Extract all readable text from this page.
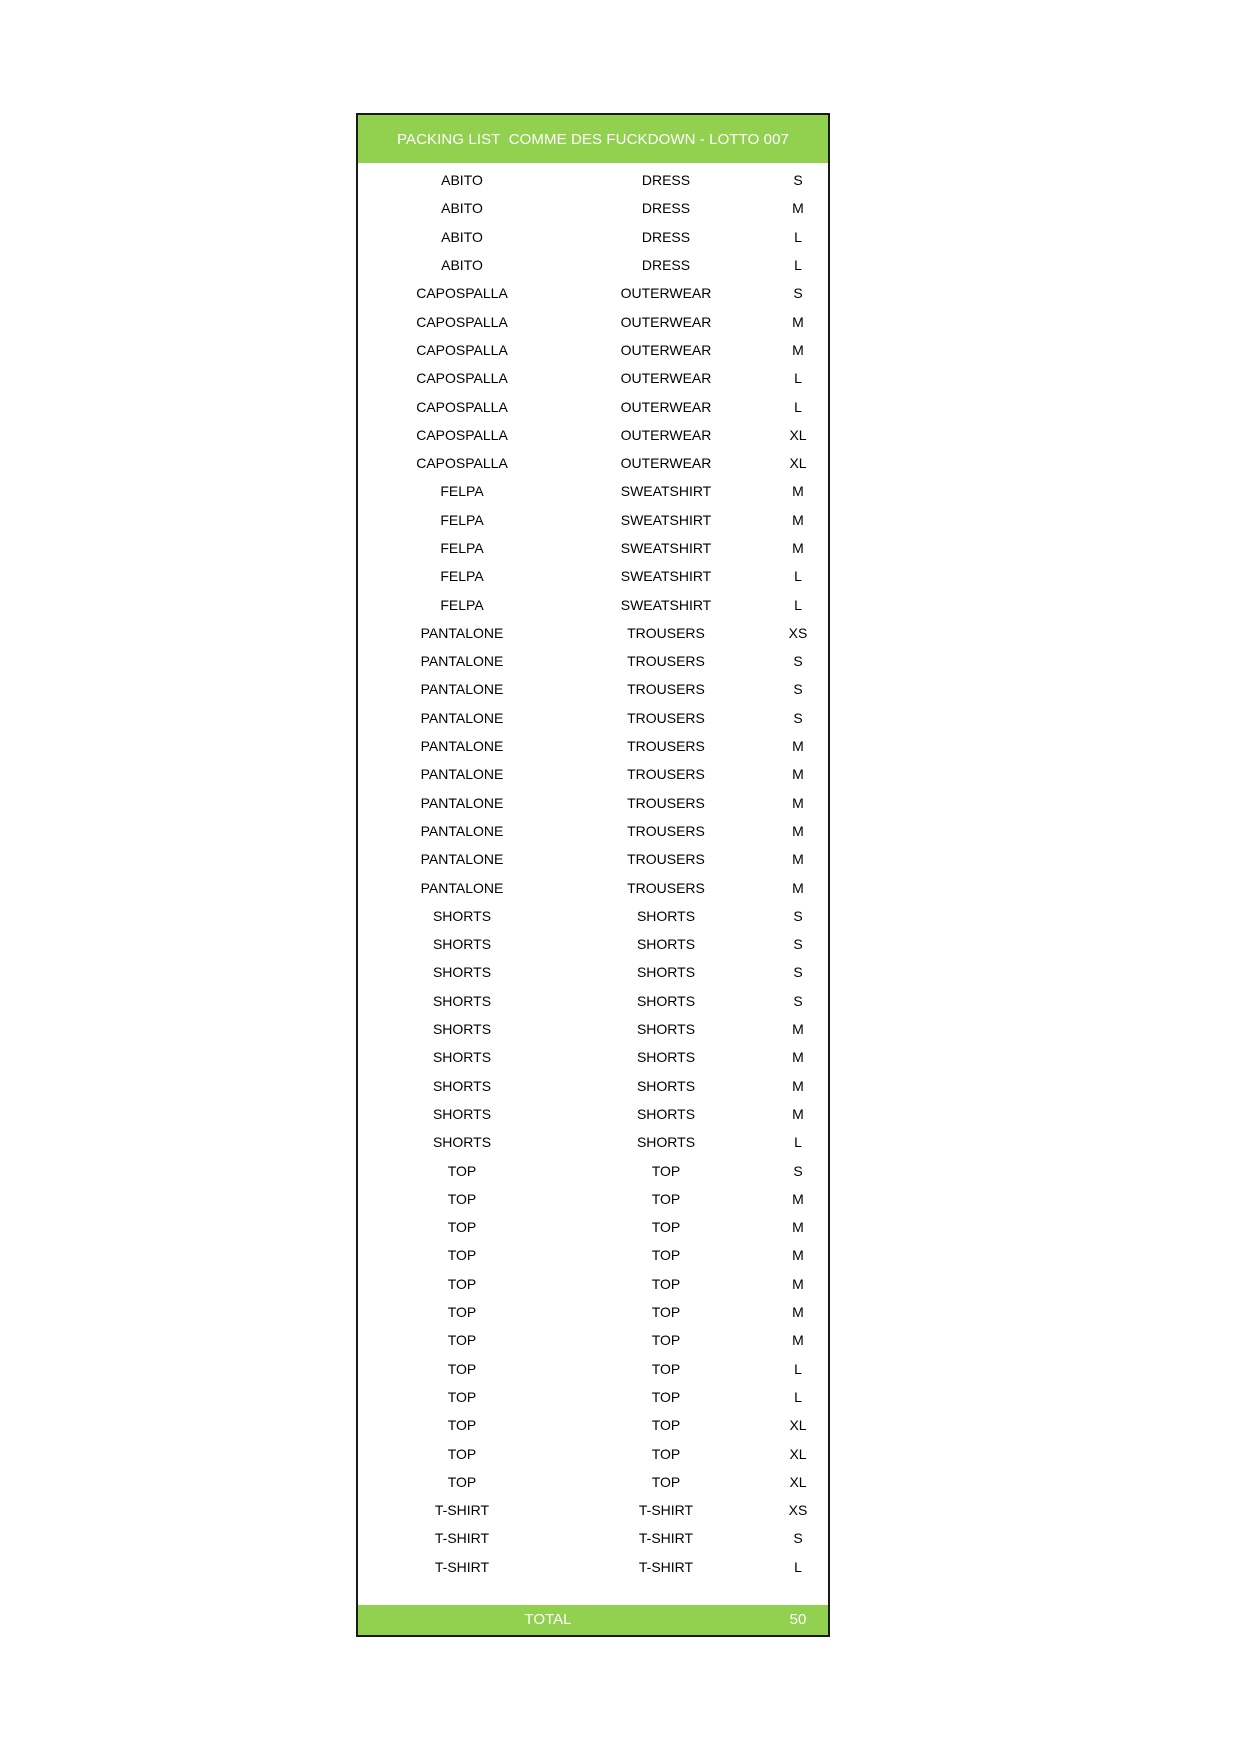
PACKING LIST  COMME DES FUCKDOWN - LOTTO 007
ABITO	DRESS	S
ABITO	DRESS	M
ABITO	DRESS	L
ABITO	DRESS	L
CAPOSPALLA	OUTERWEAR	S
CAPOSPALLA	OUTERWEAR	M
CAPOSPALLA	OUTERWEAR	M
CAPOSPALLA	OUTERWEAR	L
CAPOSPALLA	OUTERWEAR	L
CAPOSPALLA	OUTERWEAR	XL
CAPOSPALLA	OUTERWEAR	XL
FELPA	SWEATSHIRT	M
FELPA	SWEATSHIRT	M
FELPA	SWEATSHIRT	M
FELPA	SWEATSHIRT	L
FELPA	SWEATSHIRT	L
PANTALONE	TROUSERS	XS
PANTALONE	TROUSERS	S
PANTALONE	TROUSERS	S
PANTALONE	TROUSERS	S
PANTALONE	TROUSERS	M
PANTALONE	TROUSERS	M
PANTALONE	TROUSERS	M
PANTALONE	TROUSERS	M
PANTALONE	TROUSERS	M
PANTALONE	TROUSERS	M
SHORTS	SHORTS	S
SHORTS	SHORTS	S
SHORTS	SHORTS	S
SHORTS	SHORTS	S
SHORTS	SHORTS	M
SHORTS	SHORTS	M
SHORTS	SHORTS	M
SHORTS	SHORTS	M
SHORTS	SHORTS	L
TOP	TOP	S
TOP	TOP	M
TOP	TOP	M
TOP	TOP	M
TOP	TOP	M
TOP	TOP	M
TOP	TOP	M
TOP	TOP	L
TOP	TOP	L
TOP	TOP	XL
TOP	TOP	XL
TOP	TOP	XL
T-SHIRT	T-SHIRT	XS
T-SHIRT	T-SHIRT	S
T-SHIRT	T-SHIRT	L
TOTAL	50
